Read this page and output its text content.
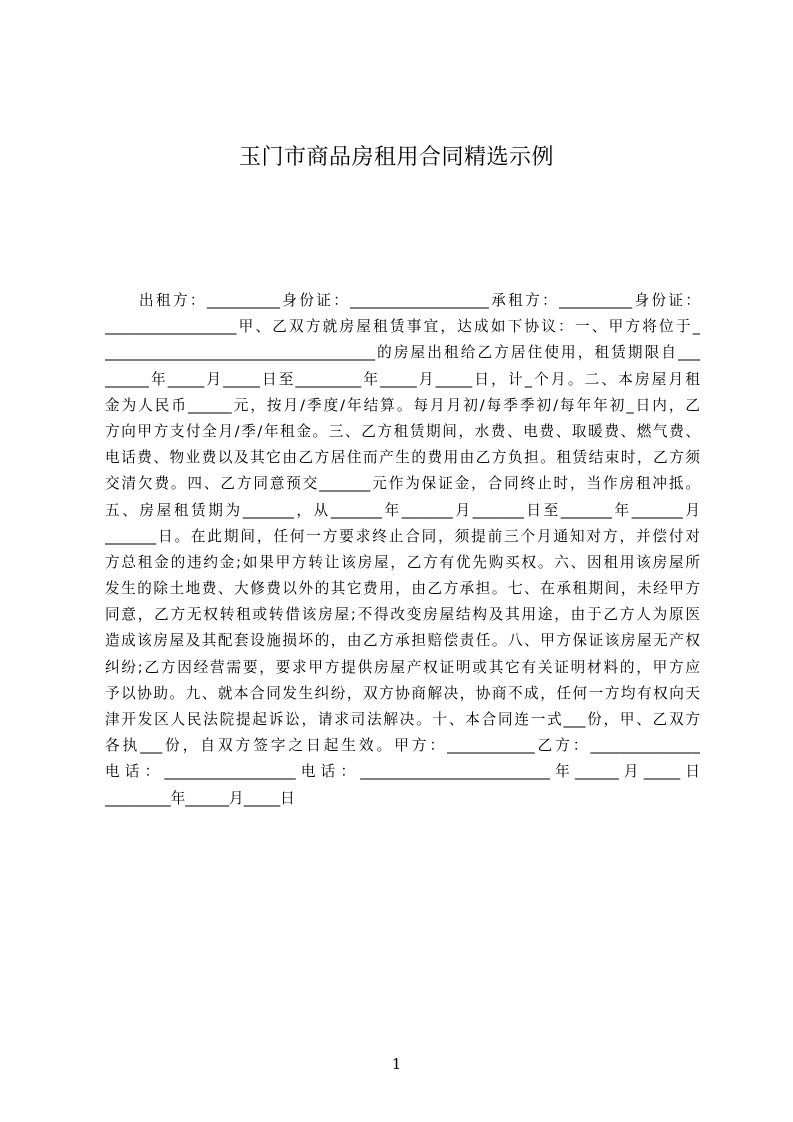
玉门市商品房租用合同精选示例
出租方：__________身份证：___________________承租方：__________身份证：
__________________甲、乙双方就房屋租赁事宜，达成如下协议：一、甲方将位于_
_____________________________________的房屋出租给乙方居住使用，租赁期限自___
______年_____月_____日至_________年_____月_____日，计_个月。二、本房屋月租
金为人民币______元，按月/季度/年结算。每月月初/每季季初/每年年初_日内，乙
方向甲方支付全月/季/年租金。三、乙方租赁期间，水费、电费、取暖费、燃气费、
电话费、物业费以及其它由乙方居住而产生的费用由乙方负担。租赁结束时，乙方须
交清欠费。四、乙方同意预交_______元作为保证金，合同终止时，当作房租冲抵。
五、房屋租赁期为_______，从_______年_______月_______日至_______年_______月
_______日。在此期间，任何一方要求终止合同，须提前三个月通知对方，并偿付对
方总租金的违约金;如果甲方转让该房屋，乙方有优先购买权。六、因租用该房屋所
发生的除土地费、大修费以外的其它费用，由乙方承担。七、在承租期间，未经甲方
同意，乙方无权转租或转借该房屋;不得改变房屋结构及其用途，由于乙方人为原医
造成该房屋及其配套设施损坏的，由乙方承担赔偿责任。八、甲方保证该房屋无产权
纠纷;乙方因经营需要，要求甲方提供房屋产权证明或其它有关证明材料的，甲方应
予以协助。九、就本合同发生纠纷，双方协商解决，协商不成，任何一方均有权向天
津开发区人民法院提起诉讼，请求司法解决。十、本合同连一式___份，甲、乙双方
各执___份，自双方签字之日起生效。甲方：____________乙方：_______________
电话：__________________电话：__________________________年______月_____日
_________年______月_____日
1
